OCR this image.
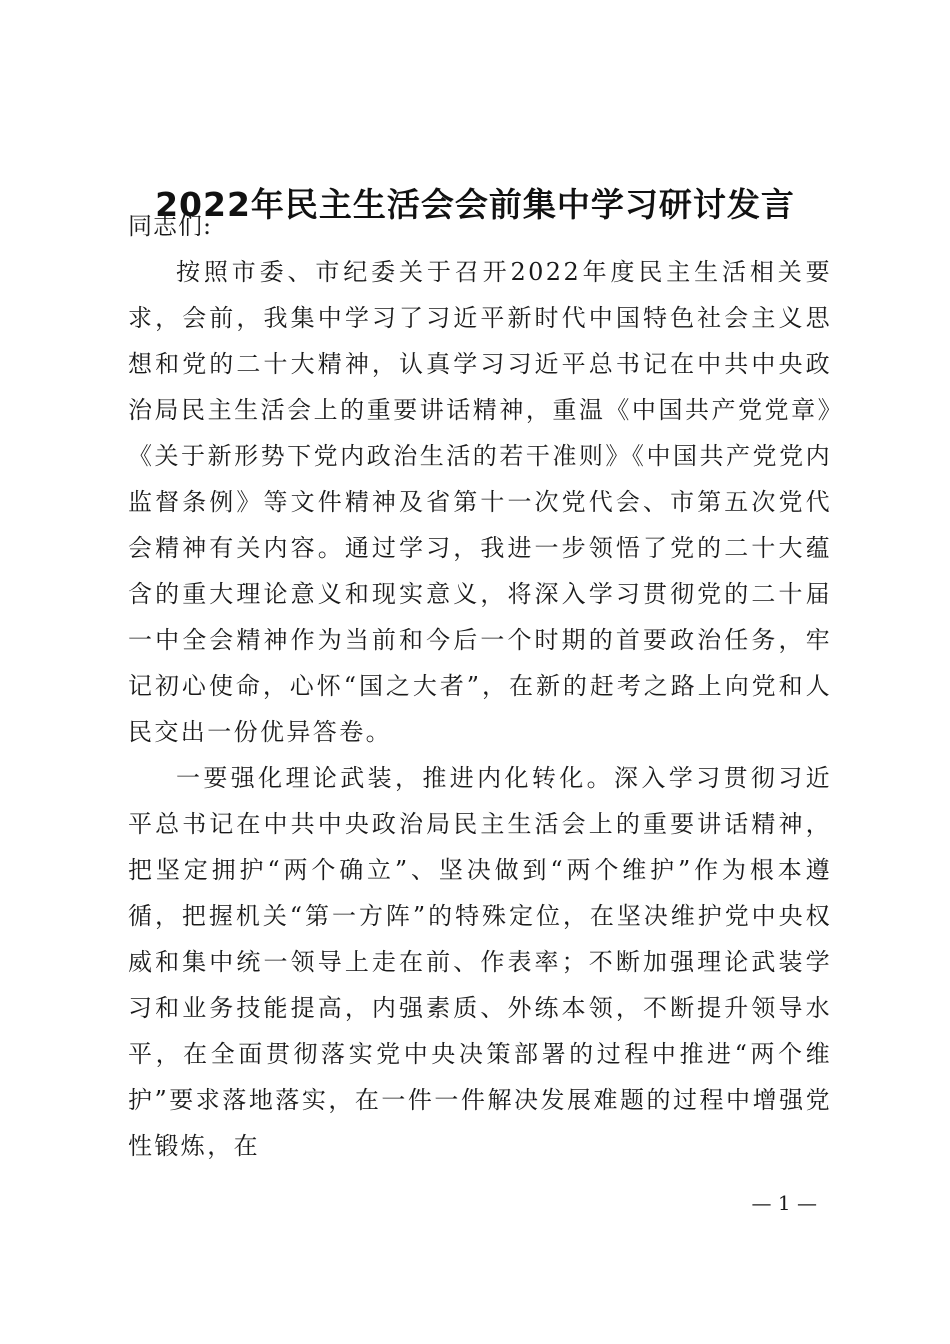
2022年民主生活会会前集中学习研讨发言

同志们:

按照市委、市纪委关于召开2022年度民主生活相关要求，会前，我集中学习了习近平新时代中国特色社会主义思想和党的二十大精神，认真学习习近平总书记在中共中央政治局民主生活会上的重要讲话精神，重温《中国共产党党章》《关于新形势下党内政治生活的若干准则》《中国共产党党内监督条例》等文件精神及省第十一次党代会、市第五次党代会精神有关内容。通过学习，我进一步领悟了党的二十大蕴含的重大理论意义和现实意义，将深入学习贯彻党的二十届一中全会精神作为当前和今后一个时期的首要政治任务，牢记初心使命，心怀“国之大者”，在新的赶考之路上向党和人民交出一份优异答卷。

一要强化理论武装，推进内化转化。深入学习贯彻习近平总书记在中共中央政治局民主生活会上的重要讲话精神，把坚定拥护“两个确立”、坚决做到“两个维护”作为根本遵循，把握机关“第一方阵”的特殊定位，在坚决维护党中央权威和集中统一领导上走在前、作表率；不断加强理论武装学习和业务技能提高，内强素质、外练本领，不断提升领导水平，在全面贯彻落实党中央决策部署的过程中推进“两个维护”要求落地落实，在一件一件解决发展难题的过程中增强党性锻炼，在

— 1 —
